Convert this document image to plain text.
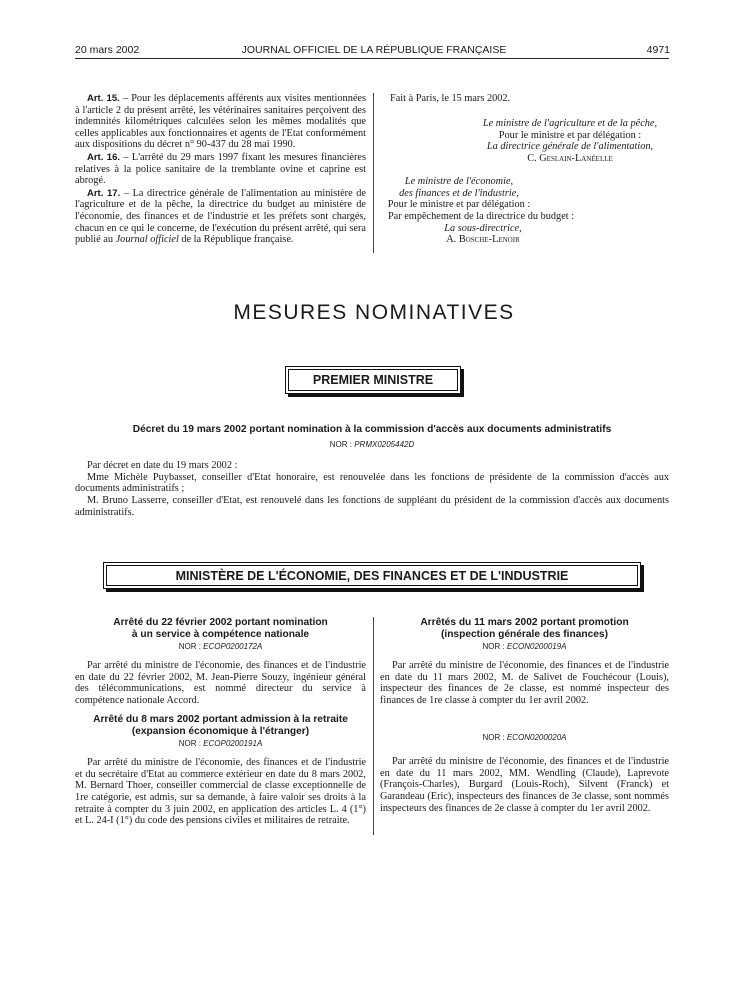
20 mars 2002	JOURNAL OFFICIEL DE LA RÉPUBLIQUE FRANÇAISE	4971

Art. 15. – Pour les déplacements afférents aux visites mentionnées à l'article 2 du présent arrêté, les vétérinaires sanitaires perçoivent des indemnités kilométriques calculées selon les mêmes modalités que celles applicables aux fonctionnaires et agents de l'Etat conformément aux dispositions du décret n° 90-437 du 28 mai 1990.

Art. 16. – L'arrêté du 29 mars 1997 fixant les mesures financières relatives à la police sanitaire de la tremblante ovine et caprine est abrogé.

Art. 17. – La directrice générale de l'alimentation au ministère de l'agriculture et de la pêche, la directrice du budget au ministère de l'économie, des finances et de l'industrie et les préfets sont chargés, chacun en ce qui le concerne, de l'exécution du présent arrêté, qui sera publié au Journal officiel de la République française.

Fait à Paris, le 15 mars 2002.
Le ministre de l'agriculture et de la pêche,
Pour le ministre et par délégation :
La directrice générale de l'alimentation,
C. Geslain-Lanéelle
Le ministre de l'économie,
des finances et de l'industrie,
Pour le ministre et par délégation :
Par empêchement de la directrice du budget :
La sous-directrice,
A. Bosche-Lenoir
MESURES NOMINATIVES
PREMIER MINISTRE
Décret du 19 mars 2002 portant nomination à la commission d'accès aux documents administratifs
NOR : PRMX0205442D

Par décret en date du 19 mars 2002 :

Mme Michèle Puybasset, conseiller d'Etat honoraire, est renouvelée dans les fonctions de présidente de la commission d'accès aux documents administratifs ;

M. Bruno Lasserre, conseiller d'Etat, est renouvelé dans les fonctions de suppléant du président de la commission d'accès aux documents administratifs.

MINISTÈRE DE L'ÉCONOMIE, DES FINANCES ET DE L'INDUSTRIE
Arrêté du 22 février 2002 portant nomination
à un service à compétence nationale
NOR : ECOP0200172A

Par arrêté du ministre de l'économie, des finances et de l'industrie en date du 22 février 2002, M. Jean-Pierre Souzy, ingénieur général des télécommunications, est nommé directeur du service à compétence nationale Accord.

Arrêté du 8 mars 2002 portant admission à la retraite
(expansion économique à l'étranger)
NOR : ECOP0200191A

Par arrêté du ministre de l'économie, des finances et de l'industrie et du secrétaire d'Etat au commerce extérieur en date du 8 mars 2002, M. Bernard Thoer, conseiller commercial de classe exceptionnelle de 1re catégorie, est admis, sur sa demande, à faire valoir ses droits à la retraite à compter du 3 juin 2002, en application des articles L. 4 (1°) et L. 24-I (1°) du code des pensions civiles et militaires de retraite.

Arrêtés du 11 mars 2002 portant promotion
(inspection générale des finances)
NOR : ECON0200019A

Par arrêté du ministre de l'économie, des finances et de l'industrie en date du 11 mars 2002, M. de Salivet de Fouchécour (Louis), inspecteur des finances de 2e classe, est nommé inspecteur des finances de 1re classe à compter du 1er avril 2002.

NOR : ECON0200020A

Par arrêté du ministre de l'économie, des finances et de l'industrie en date du 11 mars 2002, MM. Wendling (Claude), Laprevote (François-Charles), Burgard (Louis-Roch), Silvent (Franck) et Garandeau (Eric), inspecteurs des finances de 3e classe, sont nommés inspecteurs des finances de 2e classe à compter du 1er avril 2002.
